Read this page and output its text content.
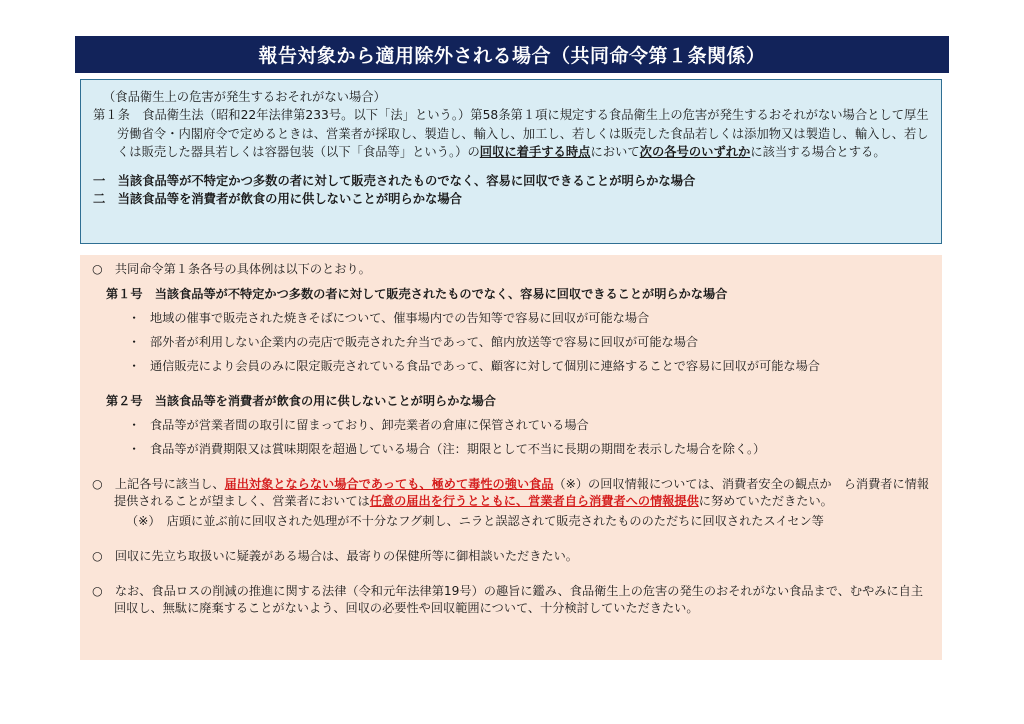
報告対象から適用除外される場合（共同命令第１条関係）
（食品衛生上の危害が発生するおそれがない場合）
第１条　食品衛生法（昭和22年法律第233号。以下「法」という。）第58条第１項に規定する食品衛生上の危害が発生するおそれがない場合として厚生労働省令・内閣府令で定めるときは、営業者が採取し、製造し、輸入し、加工し、若しくは販売した食品若しくは添加物又は製造し、輸入し、若しくは販売した器具若しくは容器包装（以下「食品等」という。）の回収に着手する時点において次の各号のいずれかに該当する場合とする。
一　当該食品等が不特定かつ多数の者に対して販売されたものでなく、容易に回収できることが明らかな場合
二　当該食品等を消費者が飲食の用に供しないことが明らかな場合
○　共同命令第１条各号の具体例は以下のとおり。
第１号　当該食品等が不特定かつ多数の者に対して販売されたものでなく、容易に回収できることが明らかな場合
・ 地域の催事で販売された焼きそばについて、催事場内での告知等で容易に回収が可能な場合
・ 部外者が利用しない企業内の売店で販売された弁当であって、館内放送等で容易に回収が可能な場合
・ 通信販売により会員のみに限定販売されている食品であって、顧客に対して個別に連絡することで容易に回収が可能な場合
第２号　当該食品等を消費者が飲食の用に供しないことが明らかな場合
・ 食品等が営業者間の取引に留まっており、卸売業者の倉庫に保管されている場合
・ 食品等が消費期限又は賞味期限を超過している場合（注：期限として不当に長期の期間を表示した場合を除く。）
○　上記各号に該当し、届出対象とならない場合であっても、極めて毒性の強い食品（※）の回収情報については、消費者安全の観点か　ら消費者に情報提供されることが望ましく、営業者においては任意の届出を行うとともに、営業者自ら消費者への情報提供に努めていただきたい。
（※）　店頭に並ぶ前に回収された処理が不十分なフグ刺し、ニラと誤認されて販売されたもののただちに回収されたスイセン等
○　回収に先立ち取扱いに疑義がある場合は、最寄りの保健所等に御相談いただきたい。
○　なお、食品ロスの削減の推進に関する法律（令和元年法律第19号）の趣旨に鑑み、食品衛生上の危害の発生のおそれがない食品まで、むやみに自主回収し、無駄に廃棄することがないよう、回収の必要性や回収範囲について、十分検討していただきたい。
